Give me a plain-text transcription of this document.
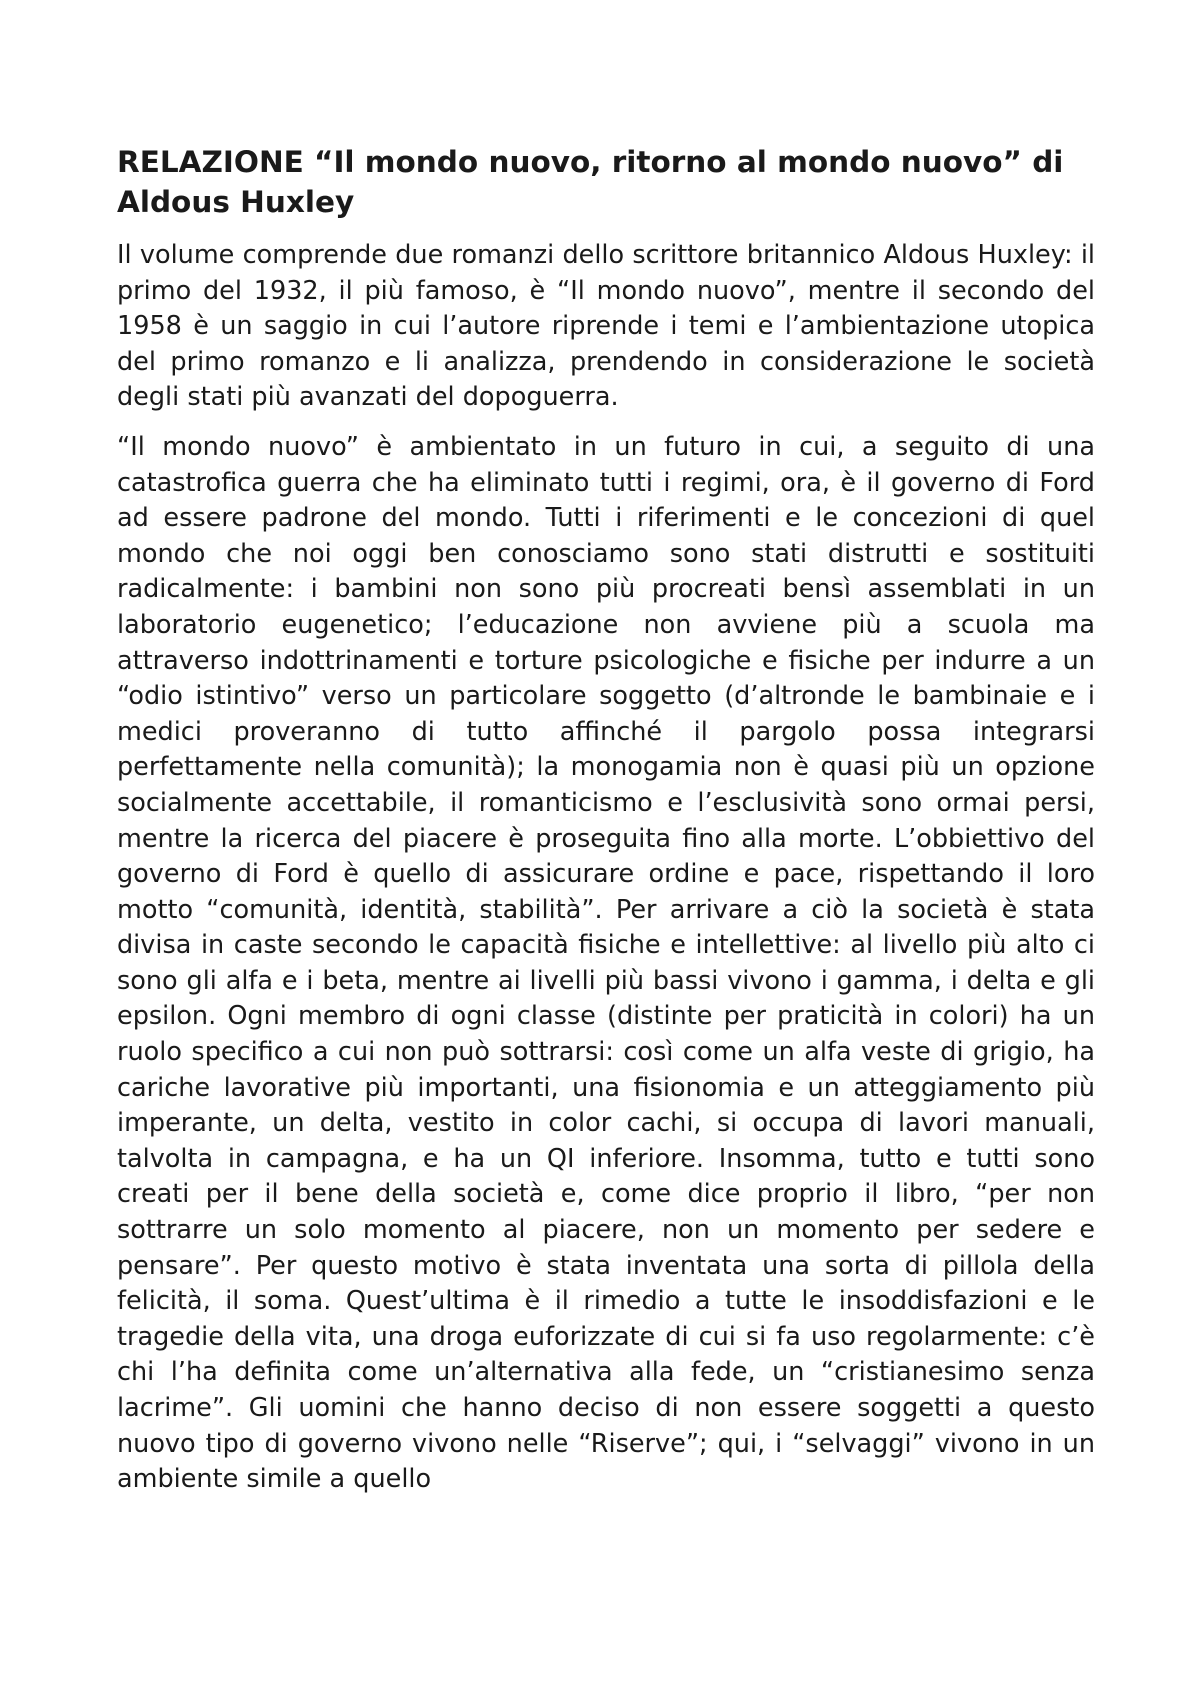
RELAZIONE “Il mondo nuovo, ritorno al mondo nuovo” di Aldous Huxley

Il volume comprende due romanzi dello scrittore britannico Aldous Huxley: il primo del 1932, il più famoso, è “Il mondo nuovo”, mentre il secondo del 1958 è un saggio in cui l’autore riprende i temi e l’ambientazione utopica del primo romanzo e li analizza, prendendo in considerazione le società degli stati più avanzati del dopoguerra.

“Il mondo nuovo” è ambientato in un futuro in cui, a seguito di una catastrofica guerra che ha eliminato tutti i regimi, ora, è il governo di Ford ad essere padrone del mondo. Tutti i riferimenti e le concezioni di quel mondo che noi oggi ben conosciamo sono stati distrutti e sostituiti radicalmente: i bambini non sono più procreati bensì assemblati in un laboratorio eugenetico; l’educazione non avviene più a scuola ma attraverso indottrinamenti e torture psicologiche e fisiche per indurre a un “odio istintivo” verso un particolare soggetto (d’altronde le bambinaie e i medici proveranno di tutto affinché il pargolo possa integrarsi perfettamente nella comunità); la monogamia non è quasi più un opzione socialmente accettabile, il romanticismo e l’esclusività sono ormai persi, mentre la ricerca del piacere è proseguita fino alla morte. L’obbiettivo del governo di Ford è quello di assicurare ordine e pace, rispettando il loro motto “comunità, identità, stabilità”. Per arrivare a ciò la società è stata divisa in caste secondo le capacità fisiche e intellettive: al livello più alto ci sono gli alfa e i beta, mentre ai livelli più bassi vivono i gamma, i delta e gli epsilon. Ogni membro di ogni classe (distinte per praticità in colori) ha un ruolo specifico a cui non può sottrarsi: così come un alfa veste di grigio, ha cariche lavorative più importanti, una fisionomia e un atteggiamento più imperante, un delta, vestito in color cachi, si occupa di lavori manuali, talvolta in campagna, e ha un QI inferiore. Insomma, tutto e tutti sono creati per il bene della società e, come dice proprio il libro, “per non sottrarre un solo momento al piacere, non un momento per sedere e pensare”. Per questo motivo è stata inventata una sorta di pillola della felicità, il soma. Quest’ultima è il rimedio a tutte le insoddisfazioni e le tragedie della vita, una droga euforizzate di cui si fa uso regolarmente: c’è chi l’ha definita come un’alternativa alla fede, un “cristianesimo senza lacrime”. Gli uomini che hanno deciso di non essere soggetti a questo nuovo tipo di governo vivono nelle “Riserve”; qui, i “selvaggi” vivono in un ambiente simile a quello
